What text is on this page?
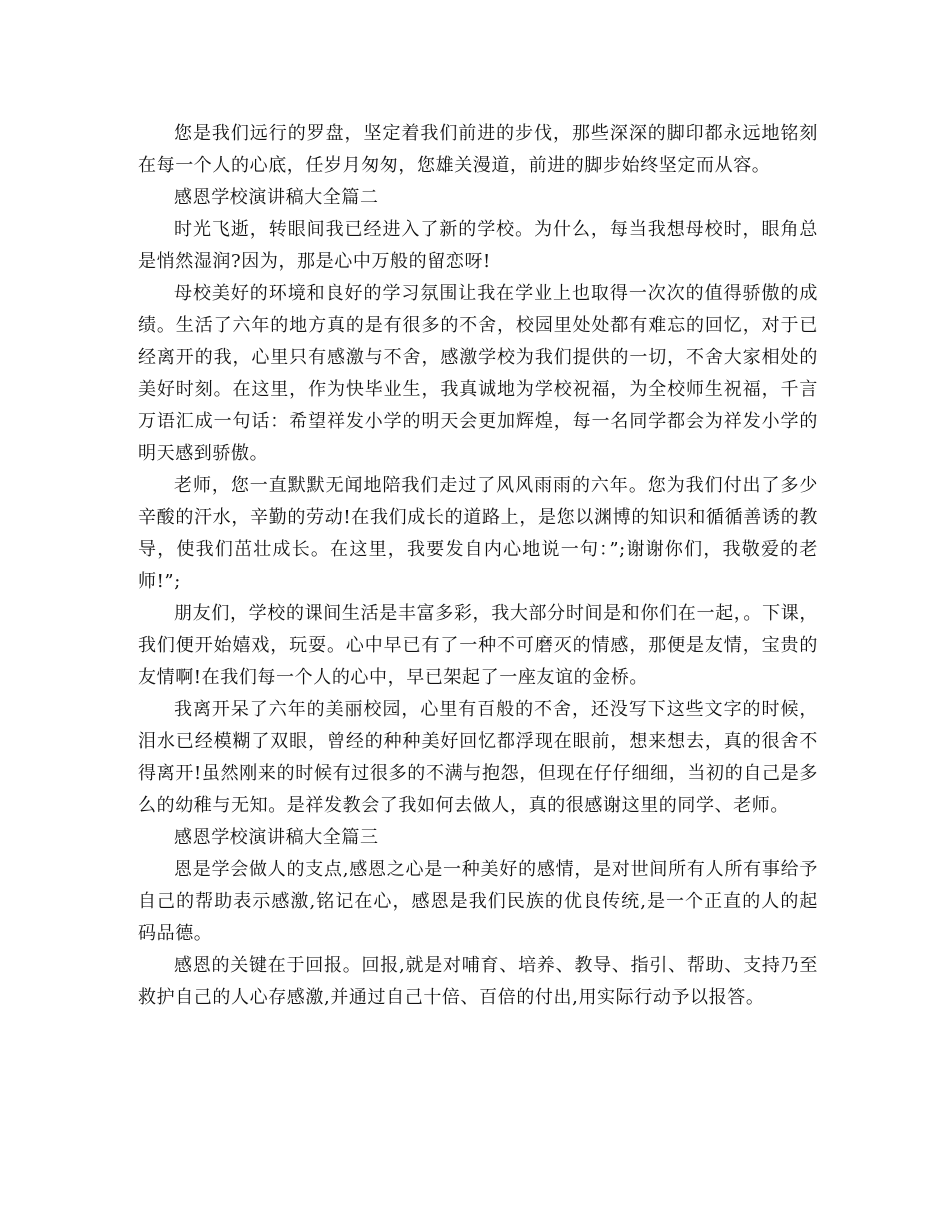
您是我们远行的罗盘，坚定着我们前进的步伐，那些深深的脚印都永远地铭刻在每一个人的心底，任岁月匆匆，您雄关漫道，前进的脚步始终坚定而从容。

感恩学校演讲稿大全篇二

时光飞逝，转眼间我已经进入了新的学校。为什么，每当我想母校时，眼角总是悄然湿润?因为，那是心中万般的留恋呀!

母校美好的环境和良好的学习氛围让我在学业上也取得一次次的值得骄傲的成绩。生活了六年的地方真的是有很多的不舍，校园里处处都有难忘的回忆，对于已经离开的我，心里只有感激与不舍，感激学校为我们提供的一切，不舍大家相处的美好时刻。在这里，作为快毕业生，我真诚地为学校祝福，为全校师生祝福，千言万语汇成一句话：希望祥发小学的明天会更加辉煌，每一名同学都会为祥发小学的明天感到骄傲。

老师，您一直默默无闻地陪我们走过了风风雨雨的六年。您为我们付出了多少辛酸的汗水，辛勤的劳动!在我们成长的道路上，是您以渊博的知识和循循善诱的教导，使我们茁壮成长。在这里，我要发自内心地说一句：”;谢谢你们，我敬爱的老师!”;

朋友们，学校的课间生活是丰富多彩，我大部分时间是和你们在一起，。下课，我们便开始嬉戏，玩耍。心中早已有了一种不可磨灭的情感，那便是友情，宝贵的友情啊!在我们每一个人的心中，早已架起了一座友谊的金桥。

我离开呆了六年的美丽校园，心里有百般的不舍，还没写下这些文字的时候，泪水已经模糊了双眼，曾经的种种美好回忆都浮现在眼前，想来想去，真的很舍不得离开!虽然刚来的时候有过很多的不满与抱怨，但现在仔仔细细，当初的自己是多么的幼稚与无知。是祥发教会了我如何去做人，真的很感谢这里的同学、老师。

感恩学校演讲稿大全篇三

恩是学会做人的支点,感恩之心是一种美好的感情，是对世间所有人所有事给予自己的帮助表示感激,铭记在心，感恩是我们民族的优良传统,是一个正直的人的起码品德。

感恩的关键在于回报。回报,就是对哺育、培养、教导、指引、帮助、支持乃至救护自己的人心存感激,并通过自己十倍、百倍的付出,用实际行动予以报答。
